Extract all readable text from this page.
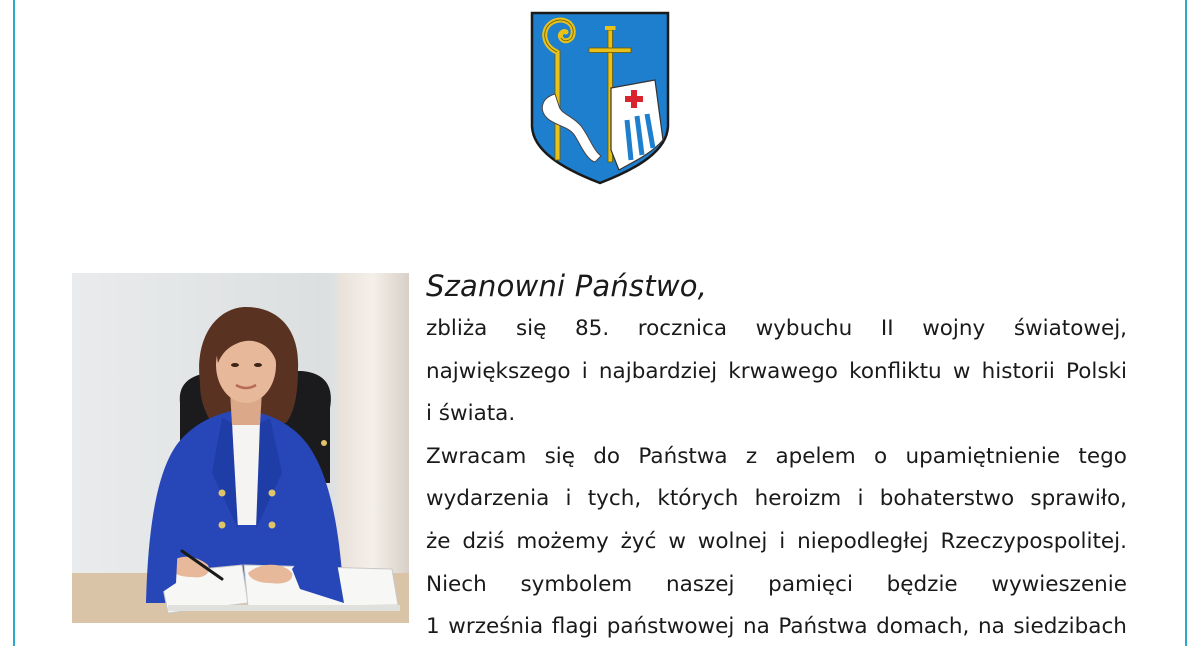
Szanowni Państwo,
zbliża się 85. rocznica wybuchu II wojny światowej,
największego i najbardziej krwawego konfliktu w historii Polski
i świata.
Zwracam się do Państwa z apelem o upamiętnienie tego
wydarzenia i tych, których heroizm i bohaterstwo sprawiło,
że dziś możemy żyć w wolnej i niepodległej Rzeczypospolitej.
Niech symbolem naszej pamięci będzie wywieszenie
1 września flagi państwowej na Państwa domach, na siedzibach
